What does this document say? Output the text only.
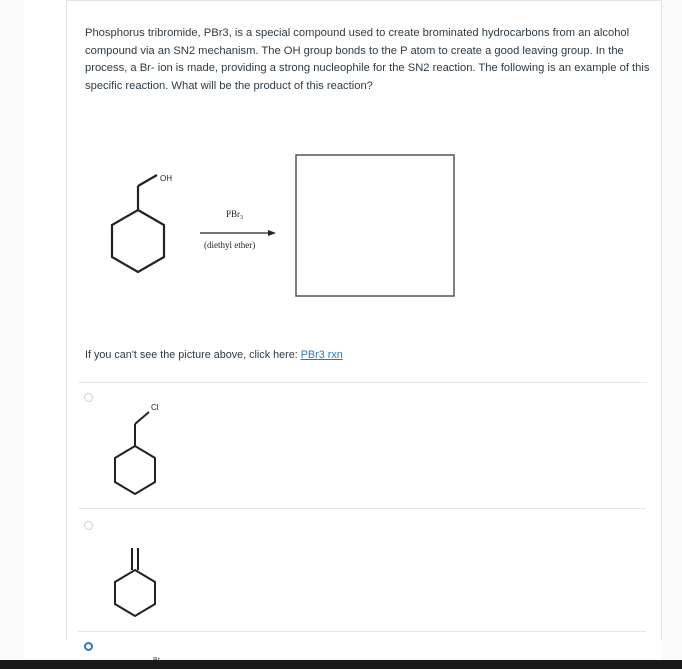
Phosphorus tribromide, PBr3, is a special compound used to create brominated hydrocarbons from an alcohol compound via an SN2 mechanism. The OH group bonds to the P atom to create a good leaving group. In the process, a Br- ion is made, providing a strong nucleophile for the SN2 reaction. The following is an example of this specific reaction. What will be the product of this reaction?
OH
PBr$_3$
(diethyl ether)
Cl
If you can't see the picture above, click here: PBr3 rxn
